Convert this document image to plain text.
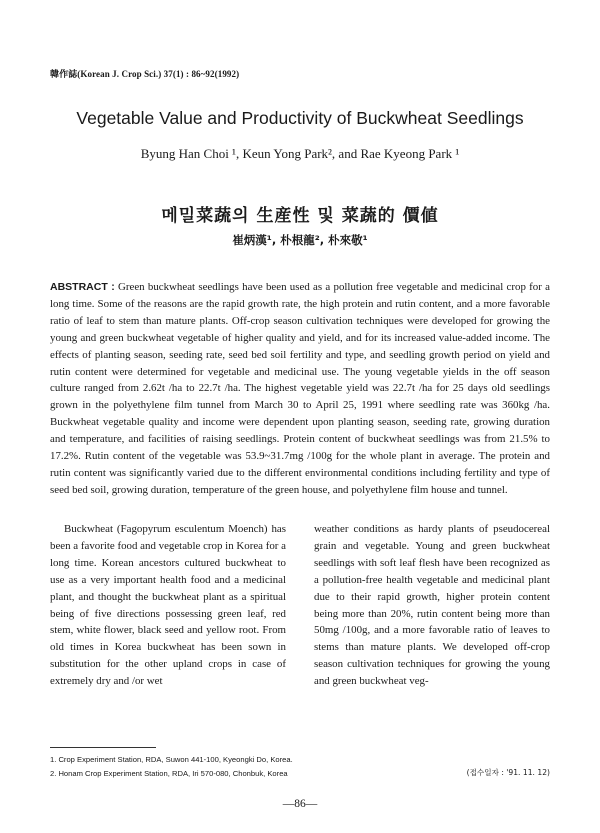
韓作誌(Korean J. Crop Sci.) 37(1) : 86~92(1992)
Vegetable Value and Productivity of Buckwheat Seedlings
Byung Han Choi ¹, Keun Yong Park², and Rae Kyeong Park ¹
메밀菜蔬의 生産性 및 菜蔬的 價値
崔炳漢¹, 朴根龍², 朴來敬¹
ABSTRACT : Green buckwheat seedlings have been used as a pollution free vegetable and medicinal crop for a long time. Some of the reasons are the rapid growth rate, the high protein and rutin content, and a more favorable ratio of leaf to stem than mature plants. Off-crop season cultivation techniques were developed for growing the young and green buckwheat vegetable of higher quality and yield, and for its increased value-added income. The effects of planting season, seeding rate, seed bed soil fertility and type, and seedling growth period on yield and rutin content were determined for vegetable and medicinal use. The young vegetable yields in the off season culture ranged from 2.62t /ha to 22.7t /ha. The highest vegetable yield was 22.7t /ha for 25 days old seedlings grown in the polyethylene film tunnel from March 30 to April 25, 1991 where seedling rate was 360kg /ha. Buckwheat vegetable quality and income were dependent upon planting season, seeding rate, growing duration and temperature, and facilities of raising seedlings. Protein content of buckwheat seedlings was from 21.5% to 17.2%. Rutin content of the vegetable was 53.9~31.7mg /100g for the whole plant in average. The protein and rutin content was significantly varied due to the different environmental conditions including fertility and type of seed bed soil, growing duration, temperature of the green house, and polyethylene film house and tunnel.
Buckwheat (Fagopyrum esculentum Moench) has been a favorite food and vegetable crop in Korea for a long time. Korean ancestors cultured buckwheat to use as a very important health food and a medicinal plant, and thought the buckwheat plant as a spiritual being of five directions possessing green leaf, red stem, white flower, black seed and yellow root. From old times in Korea buckwheat has been sown in substitution for the other upland crops in case of extremely dry and /or wet
weather conditions as hardy plants of pseudocereal grain and vegetable. Young and green buckwheat seedlings with soft leaf flesh have been recognized as a pollution-free health vegetable and medicinal plant due to their rapid growth, higher protein content being more than 20%, rutin content being more than 50mg /100g, and a more favorable ratio of leaves to stems than mature plants. We developed off-crop season cultivation techniques for growing the young and green buckwheat veg-
1. Crop Experiment Station, RDA, Suwon 441-100, Kyeongki Do, Korea.
2. Honam Crop Experiment Station, RDA, Iri 570-080, Chonbuk, Korea	(접수일자 : '91. 11. 12)
—86—
